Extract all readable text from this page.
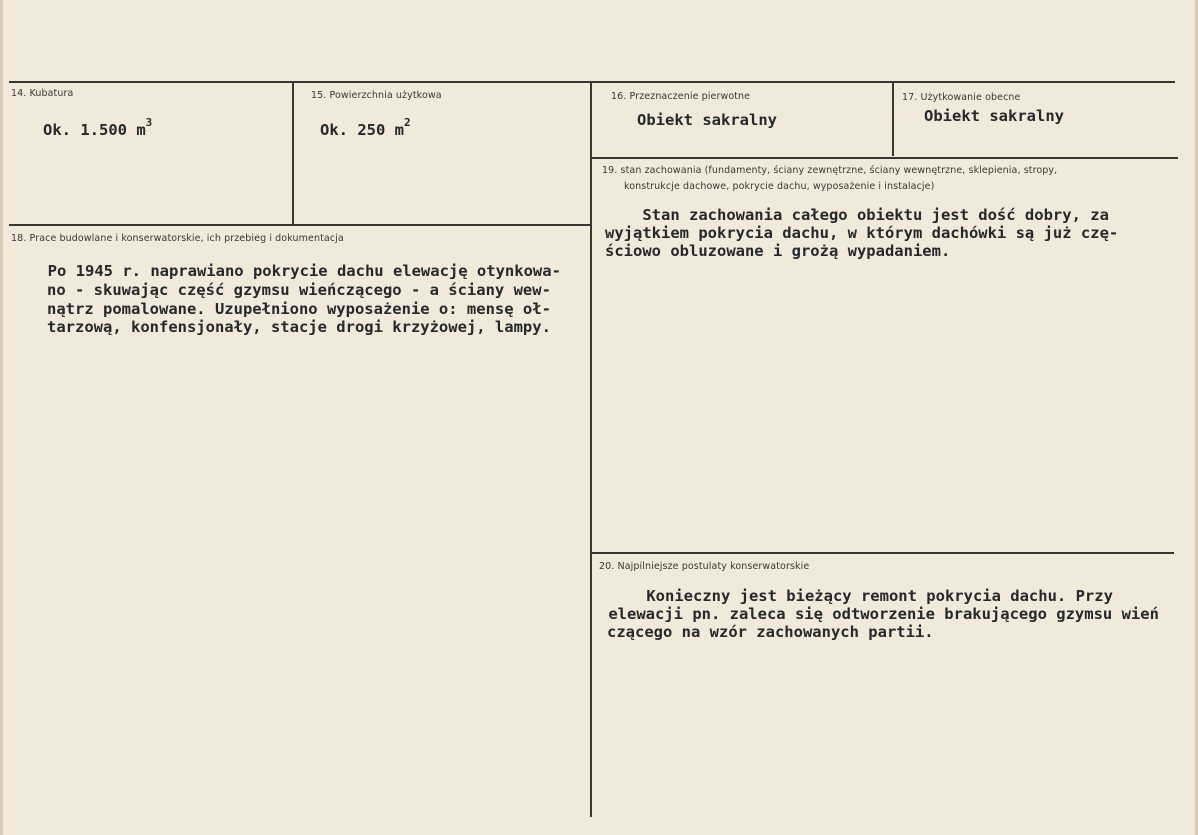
14. Kubatura
Ok. 1.500 $m^3$
15. Powierzchnia użytkowa
Ok. 250 $m^2$
16. Przeznaczenie pierwotne
Obiekt sakralny
17. Użytkowanie obecne
Obiekt sakralny
18. Prace budowlane i konserwatorskie, ich przebieg i dokumentacja
Po 1945 r. naprawiano pokrycie dachu elewację otynkowa-
no - skuwając część gzymsu wieńczącego - a ściany wew-
nątrz pomalowane. Uzupełniono wyposażenie o: mensę oł-
tarzową, konfensjonały, stacje drogi krzyżowej, lampy.
19. stan zachowania (fundamenty, ściany zewnętrzne, ściany wewnętrzne, sklepienia, stropy,
konstrukcje dachowe, pokrycie dachu, wyposażenie i instalacje)
Stan zachowania całego obiektu jest dość dobry, za
wyjątkiem pokrycia dachu, w którym dachówki są już czę-
ściowo obluzowane i grożą wypadaniem.
20. Najpilniejsze postulaty konserwatorskie
Konieczny jest bieżący remont pokrycia dachu. Przy
elewacji pn. zaleca się odtworzenie brakującego gzymsu wień
czącego na wzór zachowanych partii.
